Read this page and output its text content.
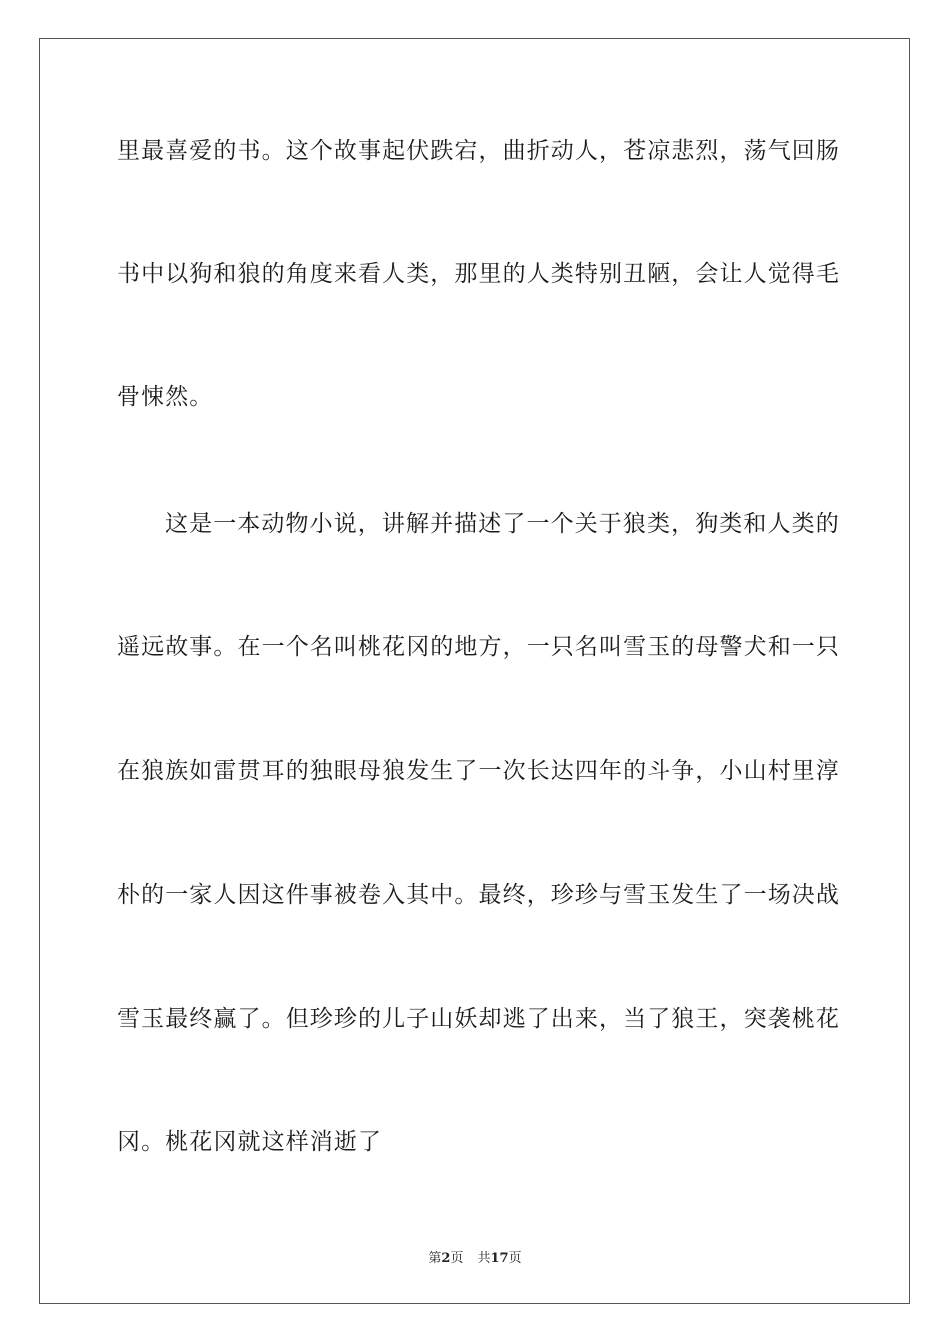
里最喜爱的书。这个故事起伏跌宕，曲折动人，苍凉悲烈，荡气回肠
书中以狗和狼的角度来看人类，那里的人类特别丑陋，会让人觉得毛
骨悚然。
这是一本动物小说，讲解并描述了一个关于狼类，狗类和人类的
遥远故事。在一个名叫桃花冈的地方，一只名叫雪玉的母警犬和一只
在狼族如雷贯耳的独眼母狼发生了一次长达四年的斗争，小山村里淳
朴的一家人因这件事被卷入其中。最终，珍珍与雪玉发生了一场决战
雪玉最终赢了。但珍珍的儿子山妖却逃了出来，当了狼王，突袭桃花
冈。桃花冈就这样消逝了
第2页 共17页
